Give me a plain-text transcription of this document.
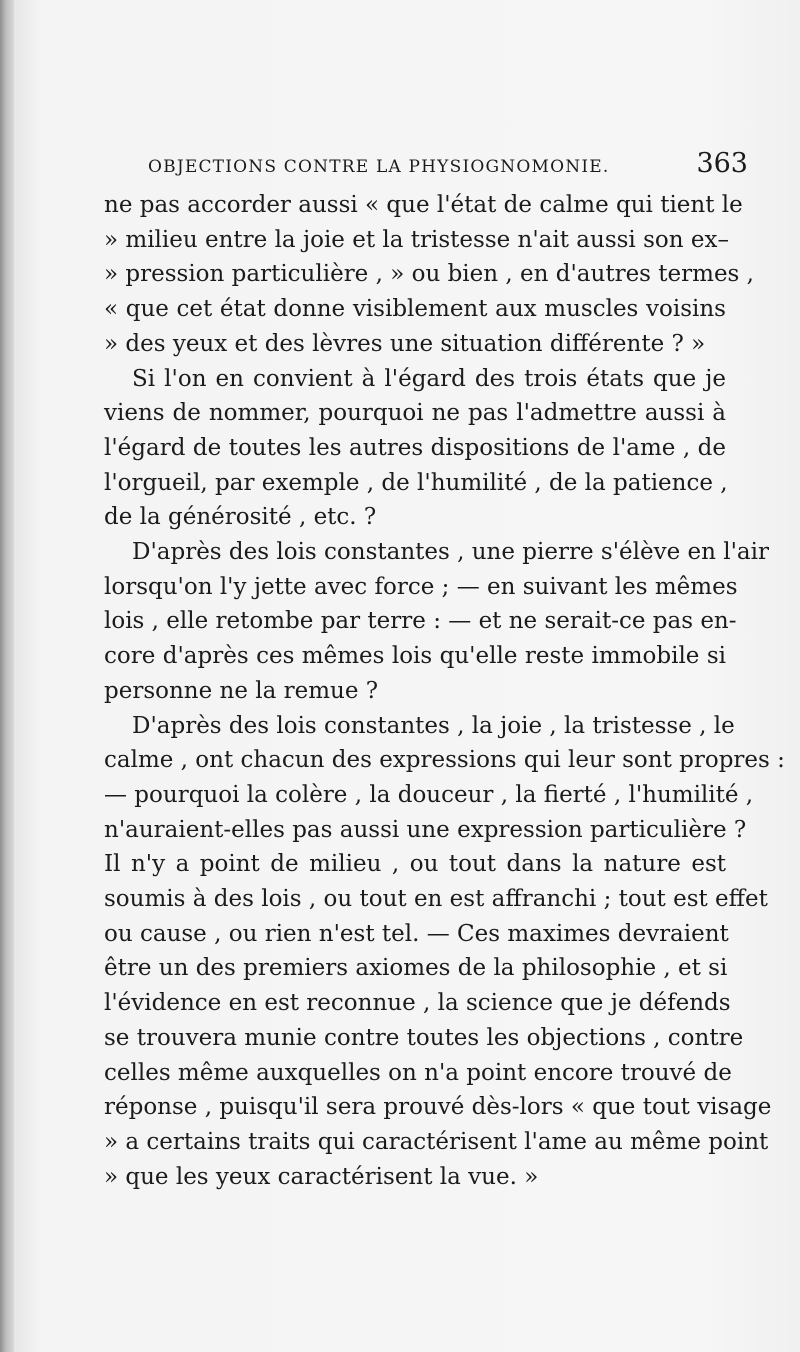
OBJECTIONS CONTRE LA PHYSIOGNOMONIE.	363
ne pas accorder aussi « que l'état de calme qui tient le
» milieu entre la joie et la tristesse n'ait aussi son ex–
» pression particulière , » ou bien , en d'autres termes ,
« que cet état donne visiblement aux muscles voisins
» des yeux et des lèvres une situation différente ? »
Si l'on en convient à l'égard des trois états que je
viens de nommer, pourquoi ne pas l'admettre aussi à
l'égard de toutes les autres dispositions de l'ame , de
l'orgueil, par exemple , de l'humilité , de la patience ,
de la générosité , etc. ?
D'après des lois constantes , une pierre s'élève en l'air
lorsqu'on l'y jette avec force ; — en suivant les mêmes
lois , elle retombe par terre : — et ne serait-ce pas en-
core d'après ces mêmes lois qu'elle reste immobile si
personne ne la remue ?
D'après des lois constantes , la joie , la tristesse , le
calme , ont chacun des expressions qui leur sont propres :
— pourquoi la colère , la douceur , la fierté , l'humilité ,
n'auraient-elles pas aussi une expression particulière ?
Il n'y a point de milieu , ou tout dans la nature est
soumis à des lois , ou tout en est affranchi ; tout est effet
ou cause , ou rien n'est tel. — Ces maximes devraient
être un des premiers axiomes de la philosophie , et si
l'évidence en est reconnue , la science que je défends
se trouvera munie contre toutes les objections , contre
celles même auxquelles on n'a point encore trouvé de
réponse , puisqu'il sera prouvé dès-lors « que tout visage
» a certains traits qui caractérisent l'ame au même point
» que les yeux caractérisent la vue. »
